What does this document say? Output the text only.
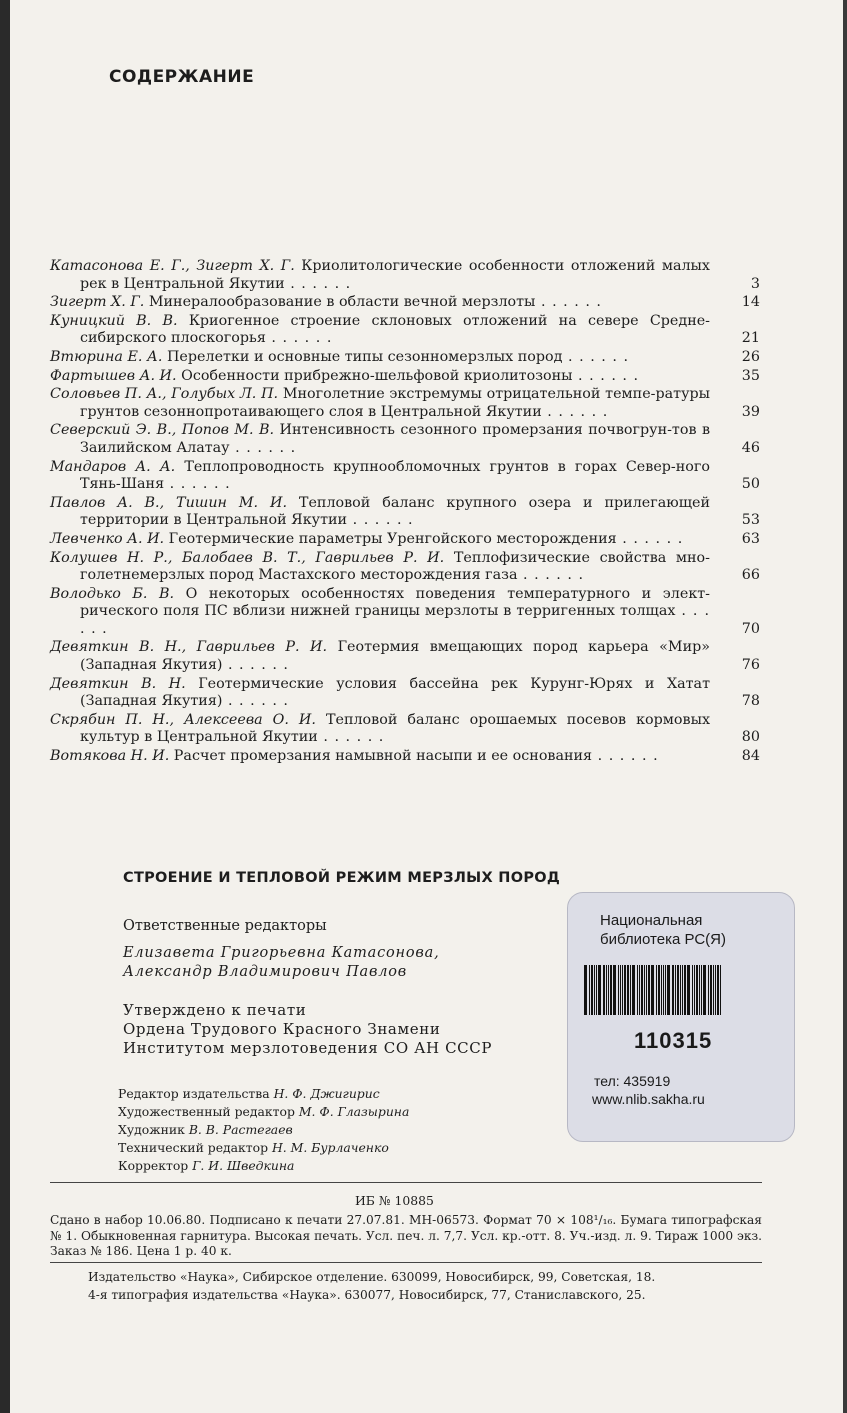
СОДЕРЖАНИЕ
Катасонова Е. Г., Зигерт X. Г. Криолитологические особенности отложений малых рек в Центральной Якутии . . . . . .	3
Зигерт X. Г. Минералообразование в области вечной мерзлоты . . . . . .	14
Куницкий В. В. Криогенное строение склоновых отложений на севере Средне-сибирского плоскогорья . . . . . .	21
Втюрина Е. А. Перелетки и основные типы сезонномерзлых пород . . . . . .	26
Фартышев А. И. Особенности прибрежно-шельфовой криолитозоны . . . . . .	35
Соловьев П. А., Голубых Л. П. Многолетние экстремумы отрицательной темпе-ратуры грунтов сезоннопротаивающего слоя в Центральной Якутии . . . . . .	39
Северский Э. В., Попов М. В. Интенсивность сезонного промерзания почвогрун-тов в Заилийском Алатау . . . . . .	46
Мандаров А. А. Теплопроводность крупнообломочных грунтов в горах Север-ного Тянь-Шаня . . . . . .	50
Павлов А. В., Тишин М. И. Тепловой баланс крупного озера и прилегающей территории в Центральной Якутии . . . . . .	53
Левченко А. И. Геотермические параметры Уренгойского месторождения . . . . . .	63
Колушев Н. Р., Балобаев В. Т., Гаврильев Р. И. Теплофизические свойства мно-голетнемерзлых пород Мастахского месторождения газа . . . . . .	66
Володько Б. В. О некоторых особенностях поведения температурного и элект-рического поля ПС вблизи нижней границы мерзлоты в терригенных толщах . . . . . .	70
Девяткин В. Н., Гаврильев Р. И. Геотермия вмещающих пород карьера «Мир» (Западная Якутия) . . . . . .	76
Девяткин В. Н. Геотермические условия бассейна рек Курунг-Юрях и Хатат (Западная Якутия) . . . . . .	78
Скрябин П. Н., Алексеева О. И. Тепловой баланс орошаемых посевов кормовых культур в Центральной Якутии . . . . . .	80
Вотякова Н. И. Расчет промерзания намывной насыпи и ее основания . . . . . .	84
СТРОЕНИЕ И ТЕПЛОВОЙ РЕЖИМ МЕРЗЛЫХ ПОРОД
Ответственные редакторы
Елизавета Григорьевна Катасонова,
Александр Владимирович Павлов
Утверждено к печати
Ордена Трудового Красного Знамени
Институтом мерзлотоведения СО АН СССР
Редактор издательства Н. Ф. Джигирис
Художественный редактор М. Ф. Глазырина
Художник В. В. Растегаев
Технический редактор Н. М. Бурлаченко
Корректор Г. И. Шведкина
ИБ № 10885
Сдано в набор 10.06.80. Подписано к печати 27.07.81. МН-06573. Формат 70 × 108¹/₁₆. Бумага типографская № 1. Обыкновенная гарнитура. Высокая печать. Усл. печ. л. 7,7. Усл. кр.-отт. 8. Уч.-изд. л. 9. Тираж 1000 экз. Заказ № 186. Цена 1 р. 40 к.
Издательство «Наука», Сибирское отделение. 630099, Новосибирск, 99, Советская, 18.
4-я типография издательства «Наука». 630077, Новосибирск, 77, Станиславского, 25.
Национальная
библиотека РС(Я)
110315
тел: 435919
www.nlib.sakha.ru
